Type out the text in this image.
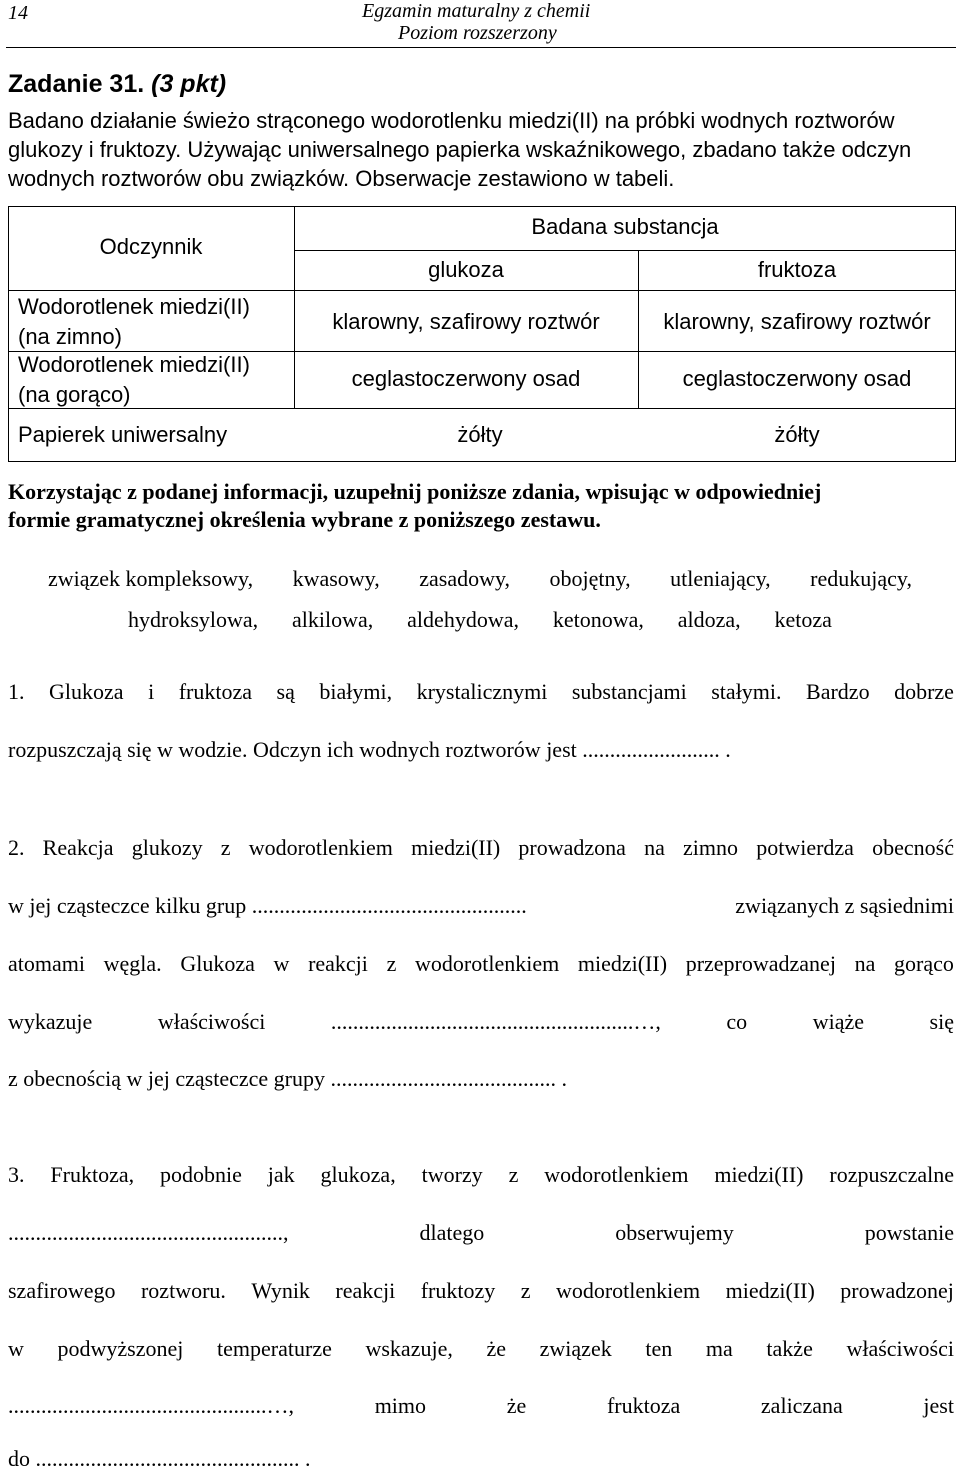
14	Egzamin maturalny z chemii
Poziom rozszerzony
Zadanie 31. (3 pkt)
Badano działanie świeżo strąconego wodorotlenku miedzi(II) na próbki wodnych roztworów
glukozy i fruktozy. Używając uniwersalnego papierka wskaźnikowego, zbadano także odczyn
wodnych roztworów obu związków. Obserwacje zestawiono w tabeli.
Odczynnik
Badana substancja
glukoza	fruktoza
Wodorotlenek miedzi(II)
(na zimno)
klarowny, szafirowy roztwór	klarowny, szafirowy roztwór
Wodorotlenek miedzi(II)
(na gorąco)
ceglastoczerwony osad	ceglastoczerwony osad
Papierek uniwersalny	żółty	żółty
Korzystając z podanej informacji, uzupełnij poniższe zdania, wpisując w odpowiedniej
formie gramatycznej określenia wybrane z poniższego zestawu.
związek kompleksowy, kwasowy, zasadowy, obojętny, utleniający, redukujący,
hydroksylowa, alkilowa, aldehydowa, ketonowa, aldoza, ketoza
1. Glukoza i fruktoza są białymi, krystalicznymi substancjami stałymi. Bardzo dobrze
rozpuszczają się w wodzie. Odczyn ich wodnych roztworów jest ......................... .
2. Reakcja glukozy z wodorotlenkiem miedzi(II) prowadzona na zimno potwierdza obecność
w jej cząsteczce kilku grup ..................................................	związanych z sąsiednimi
atomami węgla. Glukoza w reakcji z wodorotlenkiem miedzi(II) przeprowadzanej na gorąco
wykazuje	właściwości	.......................................................…,	co	wiąże	się
z obecnością w jej cząsteczce grupy ......................................... .
3. Fruktoza, podobnie jak glukoza, tworzy z wodorotlenkiem miedzi(II) rozpuszczalne
..................................................,	dlatego	obserwujemy	powstanie
szafirowego roztworu. Wynik reakcji fruktozy z wodorotlenkiem miedzi(II) prowadzonej
w podwyższonej temperaturze wskazuje, że związek ten ma także właściwości
...............................................…,	mimo	że	fruktoza	zaliczana	jest
do ................................................ .
